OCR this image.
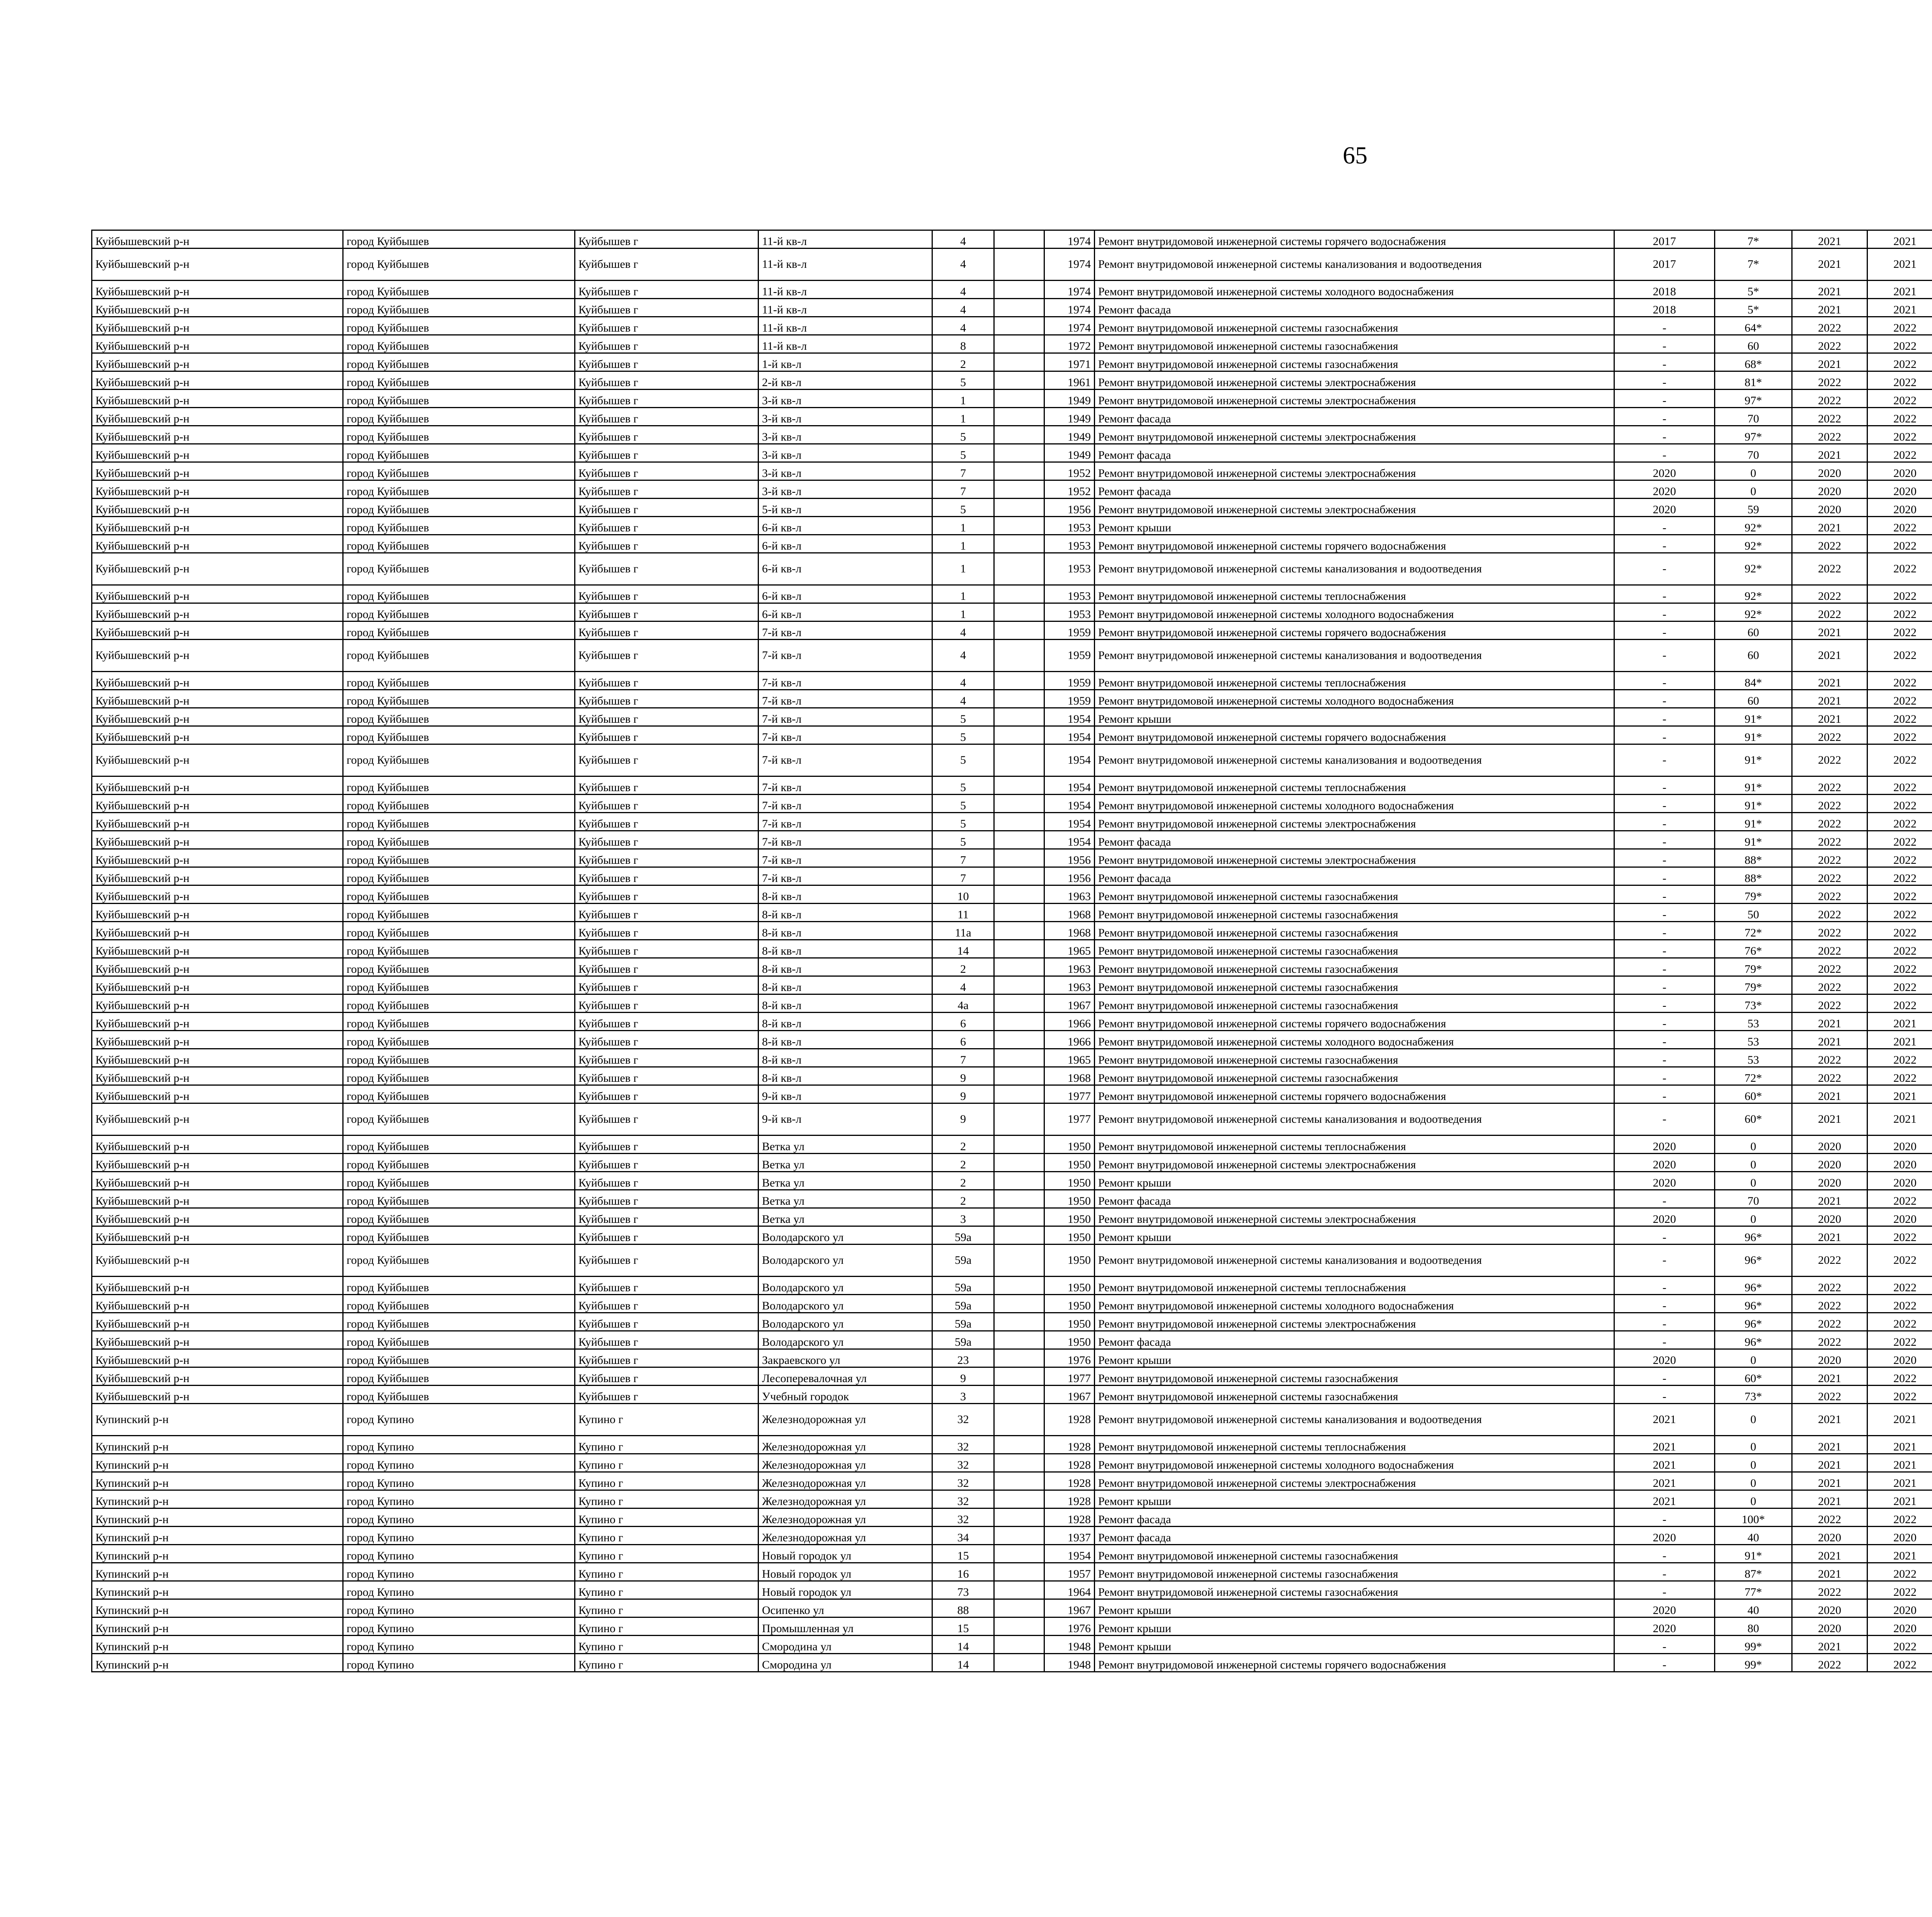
65
Куйбышевский р-н	город Куйбышев	Куйбышев г	11-й кв-л	4		1974	Ремонт внутридомовой инженерной системы горячего водоснабжения	2017	7*	2021	2021					
Куйбышевский р-н	город Куйбышев	Куйбышев г	11-й кв-л	4		1974	Ремонт внутридомовой инженерной системы канализования и водоотведения	2017	7*	2021	2021					
Куйбышевский р-н	город Куйбышев	Куйбышев г	11-й кв-л	4		1974	Ремонт внутридомовой инженерной системы холодного водоснабжения	2018	5*	2021	2021					
Куйбышевский р-н	город Куйбышев	Куйбышев г	11-й кв-л	4		1974	Ремонт фасада	2018	5*	2021	2021					
Куйбышевский р-н	город Куйбышев	Куйбышев г	11-й кв-л	4		1974	Ремонт внутридомовой инженерной системы газоснабжения	-	64*	2022	2022					
Куйбышевский р-н	город Куйбышев	Куйбышев г	11-й кв-л	8		1972	Ремонт внутридомовой инженерной системы газоснабжения	-	60	2022	2022					
Куйбышевский р-н	город Куйбышев	Куйбышев г	1-й кв-л	2		1971	Ремонт внутридомовой инженерной системы газоснабжения	-	68*	2021	2022					
Куйбышевский р-н	город Куйбышев	Куйбышев г	2-й кв-л	5		1961	Ремонт внутридомовой инженерной системы электроснабжения	-	81*	2022	2022					
Куйбышевский р-н	город Куйбышев	Куйбышев г	3-й кв-л	1		1949	Ремонт внутридомовой инженерной системы электроснабжения	-	97*	2022	2022					
Куйбышевский р-н	город Куйбышев	Куйбышев г	3-й кв-л	1		1949	Ремонт фасада	-	70	2022	2022					
Куйбышевский р-н	город Куйбышев	Куйбышев г	3-й кв-л	5		1949	Ремонт внутридомовой инженерной системы электроснабжения	-	97*	2022	2022					
Куйбышевский р-н	город Куйбышев	Куйбышев г	3-й кв-л	5		1949	Ремонт фасада	-	70	2021	2022					
Куйбышевский р-н	город Куйбышев	Куйбышев г	3-й кв-л	7		1952	Ремонт внутридомовой инженерной системы электроснабжения	2020	0	2020	2020					
Куйбышевский р-н	город Куйбышев	Куйбышев г	3-й кв-л	7		1952	Ремонт фасада	2020	0	2020	2020					
Куйбышевский р-н	город Куйбышев	Куйбышев г	5-й кв-л	5		1956	Ремонт внутридомовой инженерной системы электроснабжения	2020	59	2020	2020					
Куйбышевский р-н	город Куйбышев	Куйбышев г	6-й кв-л	1		1953	Ремонт крыши	-	92*	2021	2022					
Куйбышевский р-н	город Куйбышев	Куйбышев г	6-й кв-л	1		1953	Ремонт внутридомовой инженерной системы горячего водоснабжения	-	92*	2022	2022					
Куйбышевский р-н	город Куйбышев	Куйбышев г	6-й кв-л	1		1953	Ремонт внутридомовой инженерной системы канализования и водоотведения	-	92*	2022	2022					
Куйбышевский р-н	город Куйбышев	Куйбышев г	6-й кв-л	1		1953	Ремонт внутридомовой инженерной системы теплоснабжения	-	92*	2022	2022					
Куйбышевский р-н	город Куйбышев	Куйбышев г	6-й кв-л	1		1953	Ремонт внутридомовой инженерной системы холодного водоснабжения	-	92*	2022	2022					
Куйбышевский р-н	город Куйбышев	Куйбышев г	7-й кв-л	4		1959	Ремонт внутридомовой инженерной системы горячего водоснабжения	-	60	2021	2022					
Куйбышевский р-н	город Куйбышев	Куйбышев г	7-й кв-л	4		1959	Ремонт внутридомовой инженерной системы канализования и водоотведения	-	60	2021	2022					
Куйбышевский р-н	город Куйбышев	Куйбышев г	7-й кв-л	4		1959	Ремонт внутридомовой инженерной системы теплоснабжения	-	84*	2021	2022					
Куйбышевский р-н	город Куйбышев	Куйбышев г	7-й кв-л	4		1959	Ремонт внутридомовой инженерной системы холодного водоснабжения	-	60	2021	2022					
Куйбышевский р-н	город Куйбышев	Куйбышев г	7-й кв-л	5		1954	Ремонт крыши	-	91*	2021	2022					
Куйбышевский р-н	город Куйбышев	Куйбышев г	7-й кв-л	5		1954	Ремонт внутридомовой инженерной системы горячего водоснабжения	-	91*	2022	2022					
Куйбышевский р-н	город Куйбышев	Куйбышев г	7-й кв-л	5		1954	Ремонт внутридомовой инженерной системы канализования и водоотведения	-	91*	2022	2022					
Куйбышевский р-н	город Куйбышев	Куйбышев г	7-й кв-л	5		1954	Ремонт внутридомовой инженерной системы теплоснабжения	-	91*	2022	2022					
Куйбышевский р-н	город Куйбышев	Куйбышев г	7-й кв-л	5		1954	Ремонт внутридомовой инженерной системы холодного водоснабжения	-	91*	2022	2022					
Куйбышевский р-н	город Куйбышев	Куйбышев г	7-й кв-л	5		1954	Ремонт внутридомовой инженерной системы электроснабжения	-	91*	2022	2022					
Куйбышевский р-н	город Куйбышев	Куйбышев г	7-й кв-л	5		1954	Ремонт фасада	-	91*	2022	2022					
Куйбышевский р-н	город Куйбышев	Куйбышев г	7-й кв-л	7		1956	Ремонт внутридомовой инженерной системы электроснабжения	-	88*	2022	2022					
Куйбышевский р-н	город Куйбышев	Куйбышев г	7-й кв-л	7		1956	Ремонт фасада	-	88*	2022	2022					
Куйбышевский р-н	город Куйбышев	Куйбышев г	8-й кв-л	10		1963	Ремонт внутридомовой инженерной системы газоснабжения	-	79*	2022	2022					
Куйбышевский р-н	город Куйбышев	Куйбышев г	8-й кв-л	11		1968	Ремонт внутридомовой инженерной системы газоснабжения	-	50	2022	2022					
Куйбышевский р-н	город Куйбышев	Куйбышев г	8-й кв-л	11а		1968	Ремонт внутридомовой инженерной системы газоснабжения	-	72*	2022	2022					
Куйбышевский р-н	город Куйбышев	Куйбышев г	8-й кв-л	14		1965	Ремонт внутридомовой инженерной системы газоснабжения	-	76*	2022	2022					
Куйбышевский р-н	город Куйбышев	Куйбышев г	8-й кв-л	2		1963	Ремонт внутридомовой инженерной системы газоснабжения	-	79*	2022	2022					
Куйбышевский р-н	город Куйбышев	Куйбышев г	8-й кв-л	4		1963	Ремонт внутридомовой инженерной системы газоснабжения	-	79*	2022	2022					
Куйбышевский р-н	город Куйбышев	Куйбышев г	8-й кв-л	4а		1967	Ремонт внутридомовой инженерной системы газоснабжения	-	73*	2022	2022					
Куйбышевский р-н	город Куйбышев	Куйбышев г	8-й кв-л	6		1966	Ремонт внутридомовой инженерной системы горячего водоснабжения	-	53	2021	2021					
Куйбышевский р-н	город Куйбышев	Куйбышев г	8-й кв-л	6		1966	Ремонт внутридомовой инженерной системы холодного водоснабжения	-	53	2021	2021					
Куйбышевский р-н	город Куйбышев	Куйбышев г	8-й кв-л	7		1965	Ремонт внутридомовой инженерной системы газоснабжения	-	53	2022	2022					
Куйбышевский р-н	город Куйбышев	Куйбышев г	8-й кв-л	9		1968	Ремонт внутридомовой инженерной системы газоснабжения	-	72*	2022	2022					
Куйбышевский р-н	город Куйбышев	Куйбышев г	9-й кв-л	9		1977	Ремонт внутридомовой инженерной системы горячего водоснабжения	-	60*	2021	2021					
Куйбышевский р-н	город Куйбышев	Куйбышев г	9-й кв-л	9		1977	Ремонт внутридомовой инженерной системы канализования и водоотведения	-	60*	2021	2021					
Куйбышевский р-н	город Куйбышев	Куйбышев г	Ветка ул	2		1950	Ремонт внутридомовой инженерной системы теплоснабжения	2020	0	2020	2020					
Куйбышевский р-н	город Куйбышев	Куйбышев г	Ветка ул	2		1950	Ремонт внутридомовой инженерной системы электроснабжения	2020	0	2020	2020					
Куйбышевский р-н	город Куйбышев	Куйбышев г	Ветка ул	2		1950	Ремонт крыши	2020	0	2020	2020					
Куйбышевский р-н	город Куйбышев	Куйбышев г	Ветка ул	2		1950	Ремонт фасада	-	70	2021	2022					
Куйбышевский р-н	город Куйбышев	Куйбышев г	Ветка ул	3		1950	Ремонт внутридомовой инженерной системы электроснабжения	2020	0	2020	2020					
Куйбышевский р-н	город Куйбышев	Куйбышев г	Володарского ул	59а		1950	Ремонт крыши	-	96*	2021	2022					
Куйбышевский р-н	город Куйбышев	Куйбышев г	Володарского ул	59а		1950	Ремонт внутридомовой инженерной системы канализования и водоотведения	-	96*	2022	2022					
Куйбышевский р-н	город Куйбышев	Куйбышев г	Володарского ул	59а		1950	Ремонт внутридомовой инженерной системы теплоснабжения	-	96*	2022	2022					
Куйбышевский р-н	город Куйбышев	Куйбышев г	Володарского ул	59а		1950	Ремонт внутридомовой инженерной системы холодного водоснабжения	-	96*	2022	2022					
Куйбышевский р-н	город Куйбышев	Куйбышев г	Володарского ул	59а		1950	Ремонт внутридомовой инженерной системы электроснабжения	-	96*	2022	2022					
Куйбышевский р-н	город Куйбышев	Куйбышев г	Володарского ул	59а		1950	Ремонт фасада	-	96*	2022	2022					
Куйбышевский р-н	город Куйбышев	Куйбышев г	Закраевского ул	23		1976	Ремонт крыши	2020	0	2020	2020					
Куйбышевский р-н	город Куйбышев	Куйбышев г	Лесоперевалочная ул	9		1977	Ремонт внутридомовой инженерной системы газоснабжения	-	60*	2021	2022					
Куйбышевский р-н	город Куйбышев	Куйбышев г	Учебный городок	3		1967	Ремонт внутридомовой инженерной системы газоснабжения	-	73*	2022	2022					
Купинский р-н	город Купино	Купино г	Железнодорожная ул	32		1928	Ремонт внутридомовой инженерной системы канализования и водоотведения	2021	0	2021	2021					
Купинский р-н	город Купино	Купино г	Железнодорожная ул	32		1928	Ремонт внутридомовой инженерной системы теплоснабжения	2021	0	2021	2021					
Купинский р-н	город Купино	Купино г	Железнодорожная ул	32		1928	Ремонт внутридомовой инженерной системы холодного водоснабжения	2021	0	2021	2021					
Купинский р-н	город Купино	Купино г	Железнодорожная ул	32		1928	Ремонт внутридомовой инженерной системы электроснабжения	2021	0	2021	2021					
Купинский р-н	город Купино	Купино г	Железнодорожная ул	32		1928	Ремонт крыши	2021	0	2021	2021					
Купинский р-н	город Купино	Купино г	Железнодорожная ул	32		1928	Ремонт фасада	-	100*	2022	2022					
Купинский р-н	город Купино	Купино г	Железнодорожная ул	34		1937	Ремонт фасада	2020	40	2020	2020					
Купинский р-н	город Купино	Купино г	Новый городок ул	15		1954	Ремонт внутридомовой инженерной системы газоснабжения	-	91*	2021	2021					
Купинский р-н	город Купино	Купино г	Новый городок ул	16		1957	Ремонт внутридомовой инженерной системы газоснабжения	-	87*	2021	2022					
Купинский р-н	город Купино	Купино г	Новый городок ул	73		1964	Ремонт внутридомовой инженерной системы газоснабжения	-	77*	2022	2022					
Купинский р-н	город Купино	Купино г	Осипенко ул	88		1967	Ремонт крыши	2020	40	2020	2020					
Купинский р-н	город Купино	Купино г	Промышленная ул	15		1976	Ремонт крыши	2020	80	2020	2020					
Купинский р-н	город Купино	Купино г	Смородина ул	14		1948	Ремонт крыши	-	99*	2021	2022					
Купинский р-н	город Купино	Купино г	Смородина ул	14		1948	Ремонт внутридомовой инженерной системы горячего водоснабжения	-	99*	2022	2022					
